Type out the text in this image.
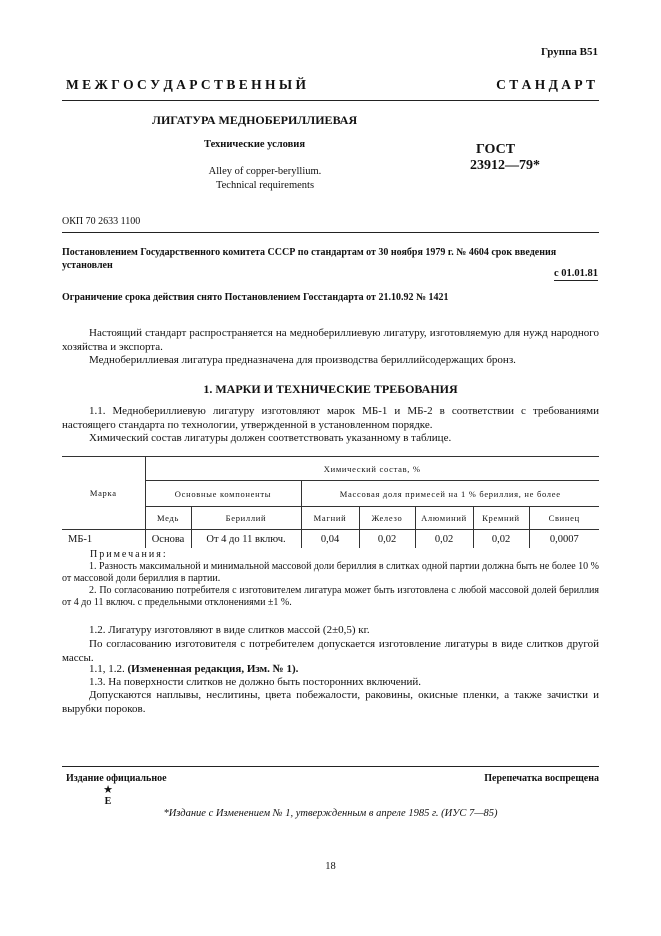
Группа В51
М Е Ж Г О С У Д А Р С Т В Е Н Н Ы Й	С Т А Н Д А Р Т
ЛИГАТУРА МЕДНОБЕРИЛЛИЕВАЯ
Технические условия
Alley of copper-beryllium.
Technical requirements
ГОСТ
23912—79*
ОКП 70 2633 1100
Постановлением Государственного комитета СССР по стандартам от 30 ноября 1979 г. № 4604 срок введения установлен
с 01.01.81
Ограничение срока действия снято Постановлением Госстандарта от 21.10.92 № 1421

Настоящий стандарт распространяется на меднобериллиевую лигатуру, изготовляемую для нужд народного хозяйства и экспорта.

Меднобериллиевая лигатура предназначена для производства бериллийсодержащих бронз.

1. МАРКИ И ТЕХНИЧЕСКИЕ ТРЕБОВАНИЯ

1.1. Меднобериллиевую лигатуру изготовляют марок МБ-1 и МБ-2 в соответствии с требованиями настоящего стандарта по технологии, утвержденной в установленном порядке.

Химический состав лигатуры должен соответствовать указанному в таблице.

Марка	Химический состав, %						
	Основные компоненты		Массовая доля примесей на 1 % бериллия, не более				
	Медь	Бериллий	Магний	Железо	Алюминий	Кремний	Свинец
МБ-1	Основа	От 4 до 11 включ.	0,04	0,02	0,02	0,02	0,0007
Примечания:

1. Разность максимальной и минимальной массовой доли бериллия в слитках одной партии должна быть не более 10 % от массовой доли бериллия в партии.

2. По согласованию потребителя с изготовителем лигатура может быть изготовлена с любой массовой долей бериллия от 4 до 11 включ. с предельными отклонениями ±1 %.

1.2. Лигатуру изготовляют в виде слитков массой (2±0,5) кг.

По согласованию изготовителя с потребителем допускается изготовление лигатуры в виде слитков другой массы.

1.1, 1.2. (Измененная редакция, Изм. № 1).

1.3. На поверхности слитков не должно быть посторонних включений.

Допускаются наплывы, неслитины, цвета побежалости, раковины, окисные пленки, а также зачистки и вырубки пороков.

Издание официальное	Перепечатка воспрещена
★
Е
*Издание с Изменением № 1, утвержденным в апреле 1985 г. (ИУС 7—85)
18
